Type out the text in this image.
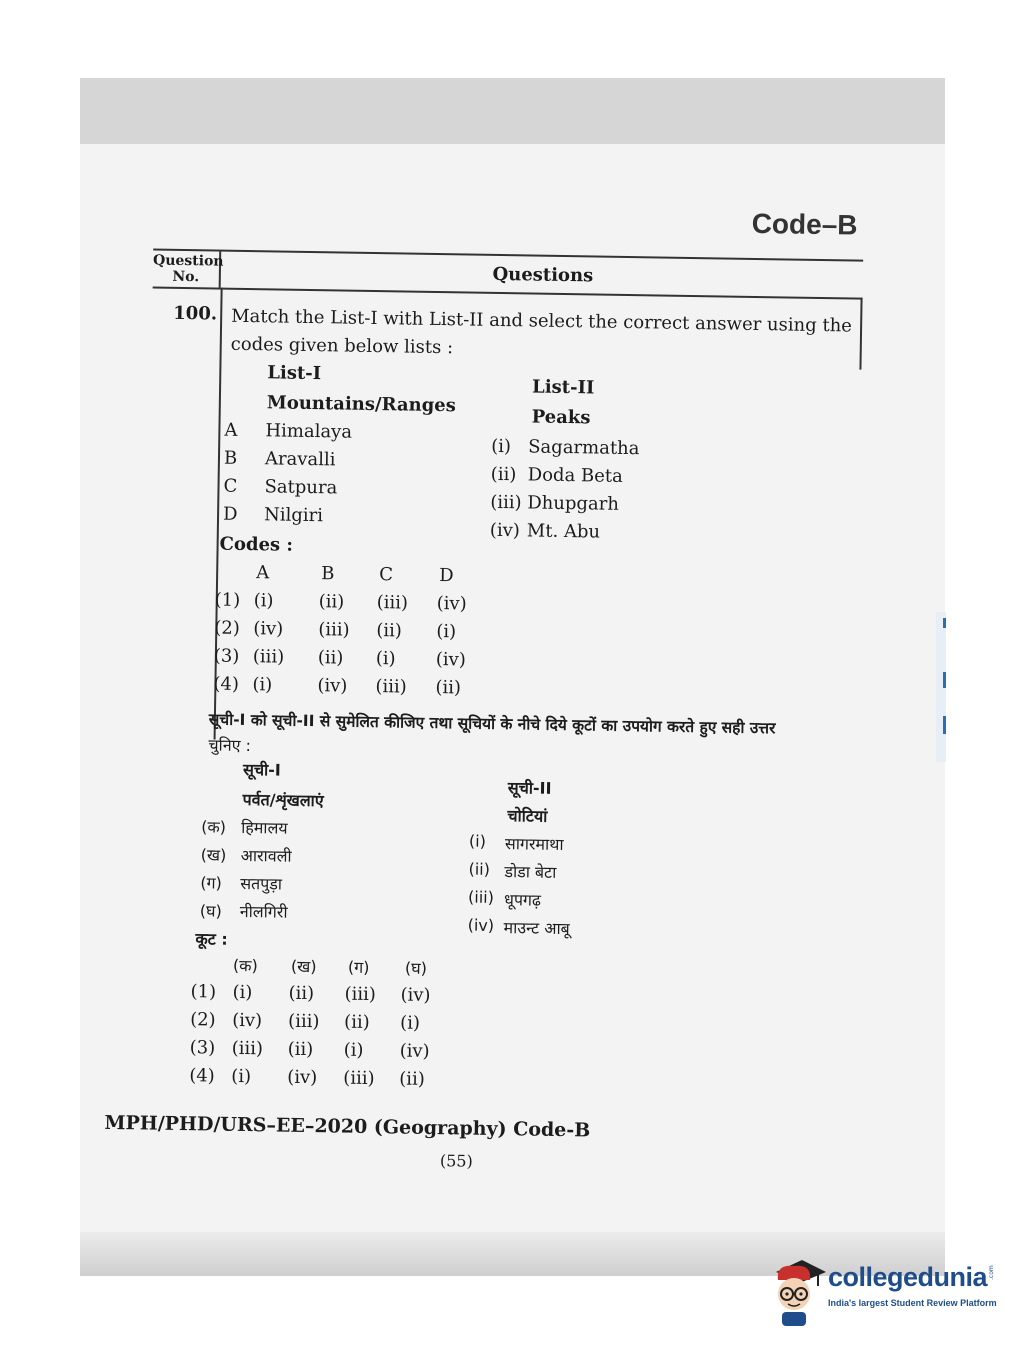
Code–B
Question No.	Questions
100. Match the List-I with List-II and select the correct answer using the
codes given below lists :
List-I
Mountains/Ranges
List-II
Peaks
A Himalaya
B Aravalli
C Satpura
D Nilgiri
(i) Sagarmatha
(ii) Doda Beta
(iii) Dhupgarh
(iv) Mt. Abu
Codes :
A	B C	D
(1) (i) (ii) (iii) (iv)
(2) (iv) (iii) (ii) (i)
(3) (iii) (ii) (i) (iv)
(4) (i) (iv) (iii) (ii)
सूची-I को सूची-II से सुमेलित कीजिए तथा सूचियों के नीचे दिये कूटों का उपयोग करते हुए सही उत्तर
चुनिए :
सूची-I
पर्वत/शृंखलाएं
सूची-II
चोटियां
(क) हिमालय
(ख) आरावली
(ग) सतपुड़ा
(घ) नीलगिरी
(i) सागरमाथा
(ii) डोडा बेटा
(iii) धूपगढ़
(iv) माउन्ट आबू
कूट :
(क) (ख) (ग) (घ)
(1) (i) (ii) (iii) (iv)
(2) (iv) (iii) (ii) (i)
(3) (iii) (ii) (i) (iv)
(4) (i) (iv) (iii) (ii)
MPH/PHD/URS–EE–2020 (Geography) Code-B
(55)
collegedunia .com
India's largest Student Review Platform
